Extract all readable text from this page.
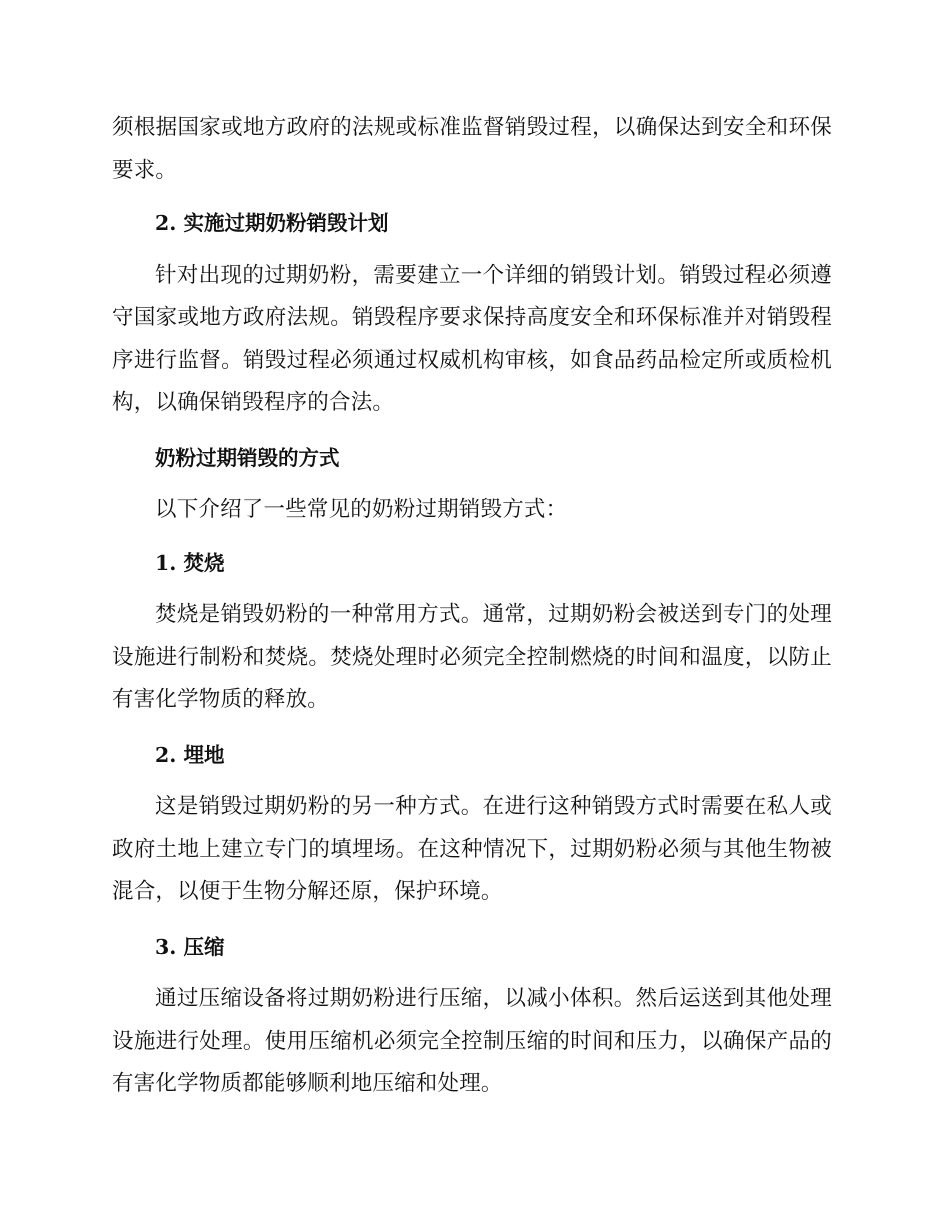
须根据国家或地方政府的法规或标准监督销毁过程，以确保达到安全和环保要求。

2. 实施过期奶粉销毁计划

针对出现的过期奶粉，需要建立一个详细的销毁计划。销毁过程必须遵守国家或地方政府法规。销毁程序要求保持高度安全和环保标准并对销毁程序进行监督。销毁过程必须通过权威机构审核，如食品药品检定所或质检机构，以确保销毁程序的合法。

奶粉过期销毁的方式

以下介绍了一些常见的奶粉过期销毁方式：

1. 焚烧

焚烧是销毁奶粉的一种常用方式。通常，过期奶粉会被送到专门的处理设施进行制粉和焚烧。焚烧处理时必须完全控制燃烧的时间和温度，以防止有害化学物质的释放。

2. 埋地

这是销毁过期奶粉的另一种方式。在进行这种销毁方式时需要在私人或政府土地上建立专门的填埋场。在这种情况下，过期奶粉必须与其他生物被混合，以便于生物分解还原，保护环境。

3. 压缩

通过压缩设备将过期奶粉进行压缩，以减小体积。然后运送到其他处理设施进行处理。使用压缩机必须完全控制压缩的时间和压力，以确保产品的有害化学物质都能够顺利地压缩和处理。
